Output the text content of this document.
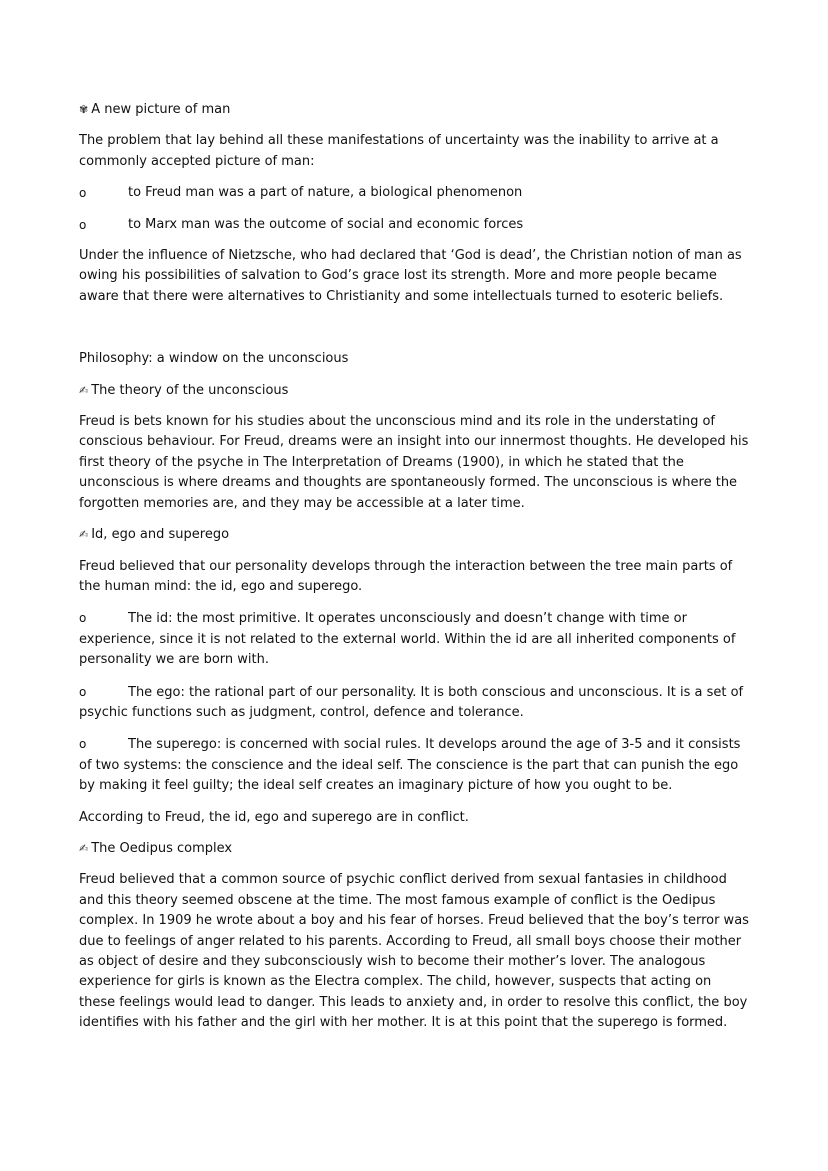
✾ A new picture of man

The problem that lay behind all these manifestations of uncertainty was the inability to arrive at a commonly accepted picture of man:

o	to Freud man was a part of nature, a biological phenomenon
o	to Marx man was the outcome of social and economic forces

Under the influence of Nietzsche, who had declared that ‘God is dead’, the Christian notion of man as owing his possibilities of salvation to God’s grace lost its strength. More and more people became aware that there were alternatives to Christianity and some intellectuals turned to esoteric beliefs.

Philosophy: a window on the unconscious

✍ The theory of the unconscious

Freud is bets known for his studies about the unconscious mind and its role in the understating of conscious behaviour. For Freud, dreams were an insight into our innermost thoughts. He developed his first theory of the psyche in The Interpretation of Dreams (1900), in which he stated that the unconscious is where dreams and thoughts are spontaneously formed. The unconscious is where the forgotten memories are, and they may be accessible at a later time.

✍ Id, ego and superego

Freud believed that our personality develops through the interaction between the tree main parts of the human mind: the id, ego and superego.

o	The id: the most primitive. It operates unconsciously and doesn’t change with time or experience, since it is not related to the external world. Within the id are all inherited components of personality we are born with.

o	The ego: the rational part of our personality. It is both conscious and unconscious. It is a set of psychic functions such as judgment, control, defence and tolerance.

o	The superego: is concerned with social rules. It develops around the age of 3-5 and it consists of two systems: the conscience and the ideal self. The conscience is the part that can punish the ego by making it feel guilty; the ideal self creates an imaginary picture of how you ought to be.

According to Freud, the id, ego and superego are in conflict.

✍ The Oedipus complex

Freud believed that a common source of psychic conflict derived from sexual fantasies in childhood and this theory seemed obscene at the time. The most famous example of conflict is the Oedipus complex. In 1909 he wrote about a boy and his fear of horses. Freud believed that the boy’s terror was due to feelings of anger related to his parents. According to Freud, all small boys choose their mother as object of desire and they subconsciously wish to become their mother’s lover. The analogous experience for girls is known as the Electra complex. The child, however, suspects that acting on these feelings would lead to danger. This leads to anxiety and, in order to resolve this conflict, the boy identifies with his father and the girl with her mother. It is at this point that the superego is formed.
